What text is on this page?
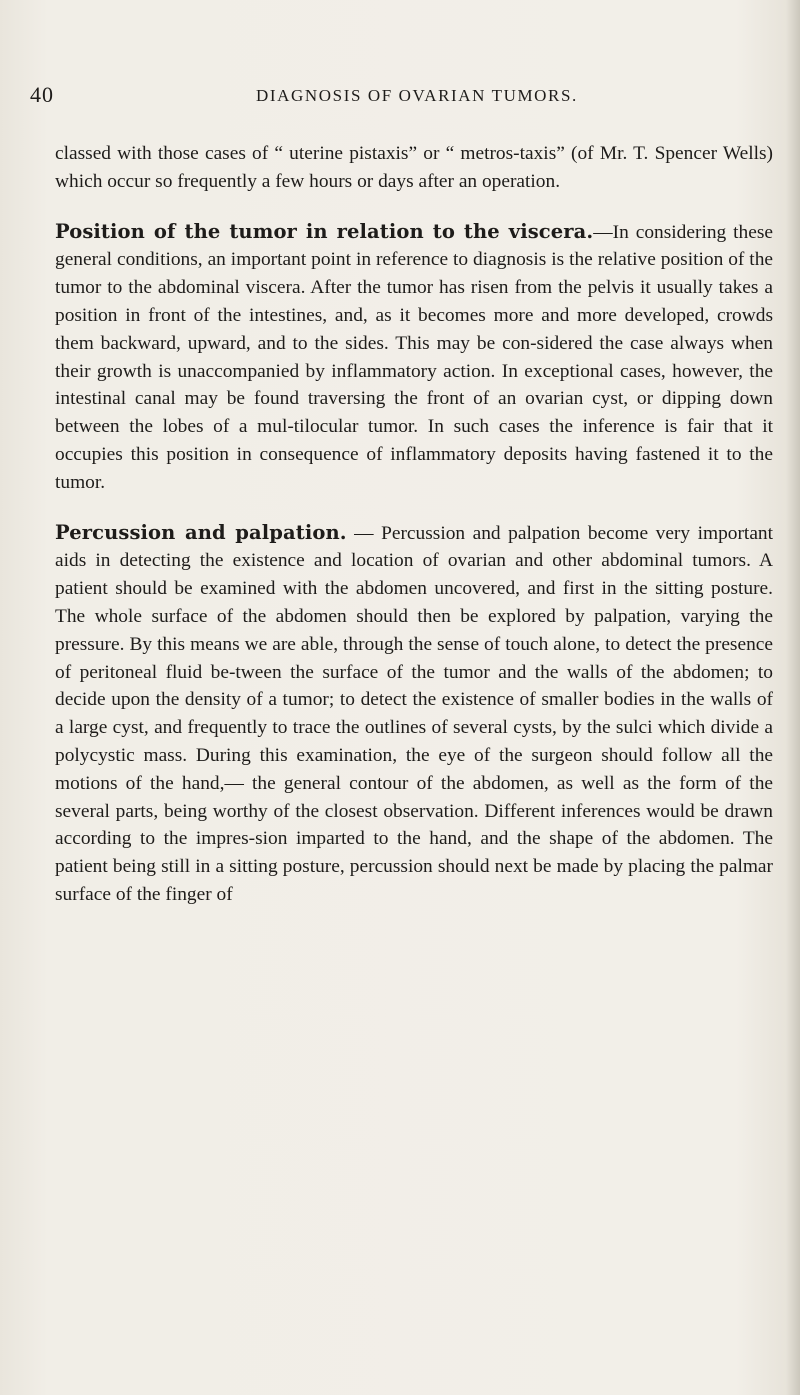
40	DIAGNOSIS OF OVARIAN TUMORS.

classed with those cases of “ uterine pistaxis” or “ metros-taxis” (of Mr. T. Spencer Wells) which occur so frequently a few hours or days after an operation.

Position of the tumor in relation to the viscera.—In considering these general conditions, an important point in reference to diagnosis is the relative position of the tumor to the abdominal viscera. After the tumor has risen from the pelvis it usually takes a position in front of the intestines, and, as it becomes more and more developed, crowds them backward, upward, and to the sides. This may be con-sidered the case always when their growth is unaccompanied by inflammatory action. In exceptional cases, however, the intestinal canal may be found traversing the front of an ovarian cyst, or dipping down between the lobes of a mul-tilocular tumor. In such cases the inference is fair that it occupies this position in consequence of inflammatory deposits having fastened it to the tumor.

Percussion and palpation. — Percussion and palpation become very important aids in detecting the existence and location of ovarian and other abdominal tumors. A patient should be examined with the abdomen uncovered, and first in the sitting posture. The whole surface of the abdomen should then be explored by palpation, varying the pressure. By this means we are able, through the sense of touch alone, to detect the presence of peritoneal fluid be-tween the surface of the tumor and the walls of the abdomen; to decide upon the density of a tumor; to detect the existence of smaller bodies in the walls of a large cyst, and frequently to trace the outlines of several cysts, by the sulci which divide a polycystic mass. During this examination, the eye of the surgeon should follow all the motions of the hand,— the general contour of the abdomen, as well as the form of the several parts, being worthy of the closest observation. Different inferences would be drawn according to the impres-sion imparted to the hand, and the shape of the abdomen. The patient being still in a sitting posture, percussion should next be made by placing the palmar surface of the finger of
